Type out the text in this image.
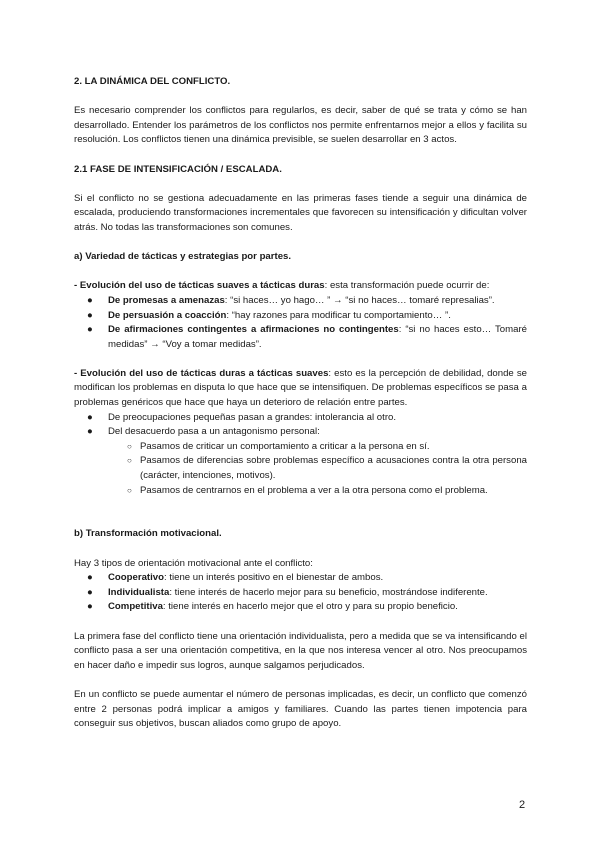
2. LA DINÁMICA DEL CONFLICTO.

Es necesario comprender los conflictos para regularlos, es decir, saber de qué se trata y cómo se han desarrollado. Entender los parámetros de los conflictos nos permite enfrentarnos mejor a ellos y facilita su resolución. Los conflictos tienen una dinámica previsible, se suelen desarrollar en 3 actos.

2.1 FASE DE INTENSIFICACIÓN / ESCALADA.

Si el conflicto no se gestiona adecuadamente en las primeras fases tiende a seguir una dinámica de escalada, produciendo transformaciones incrementales que favorecen su intensificación y dificultan volver atrás. No todas las transformaciones son comunes.

a) Variedad de tácticas y estrategias por partes.

- Evolución del uso de tácticas suaves a tácticas duras: esta transformación puede ocurrir de:

●	De promesas a amenazas: “si haces… yo hago… ” → “si no haces… tomaré represalias”.
●	De persuasión a coacción: “hay razones para modificar tu comportamiento… ”.
●	De afirmaciones contingentes a afirmaciones no contingentes: “si no haces esto… Tomaré medidas” → “Voy a tomar medidas”.

- Evolución del uso de tácticas duras a tácticas suaves: esto es la percepción de debilidad, donde se modifican los problemas en disputa lo que hace que se intensifiquen. De problemas específicos se pasa a problemas genéricos que hace que haya un deterioro de relación entre partes.

●	De preocupaciones pequeñas pasan a grandes: intolerancia al otro.
●	Del desacuerdo pasa a un antagonismo personal:
○ Pasamos de criticar un comportamiento a criticar a la persona en sí.
○ Pasamos de diferencias sobre problemas específico a acusaciones contra la otra persona (carácter, intenciones, motivos).
○ Pasamos de centrarnos en el problema a ver a la otra persona como el problema.

b) Transformación motivacional.

Hay 3 tipos de orientación motivacional ante el conflicto:

●	Cooperativo: tiene un interés positivo en el bienestar de ambos.
●	Individualista: tiene interés de hacerlo mejor para su beneficio, mostrándose indiferente.
●	Competitiva: tiene interés en hacerlo mejor que el otro y para su propio beneficio.

La primera fase del conflicto tiene una orientación individualista, pero a medida que se va intensificando el conflicto pasa a ser una orientación competitiva, en la que nos interesa vencer al otro. Nos preocupamos en hacer daño e impedir sus logros, aunque salgamos perjudicados.

En un conflicto se puede aumentar el número de personas implicadas, es decir, un conflicto que comenzó entre 2 personas podrá implicar a amigos y familiares. Cuando las partes tienen impotencia para conseguir sus objetivos, buscan aliados como grupo de apoyo.

2
